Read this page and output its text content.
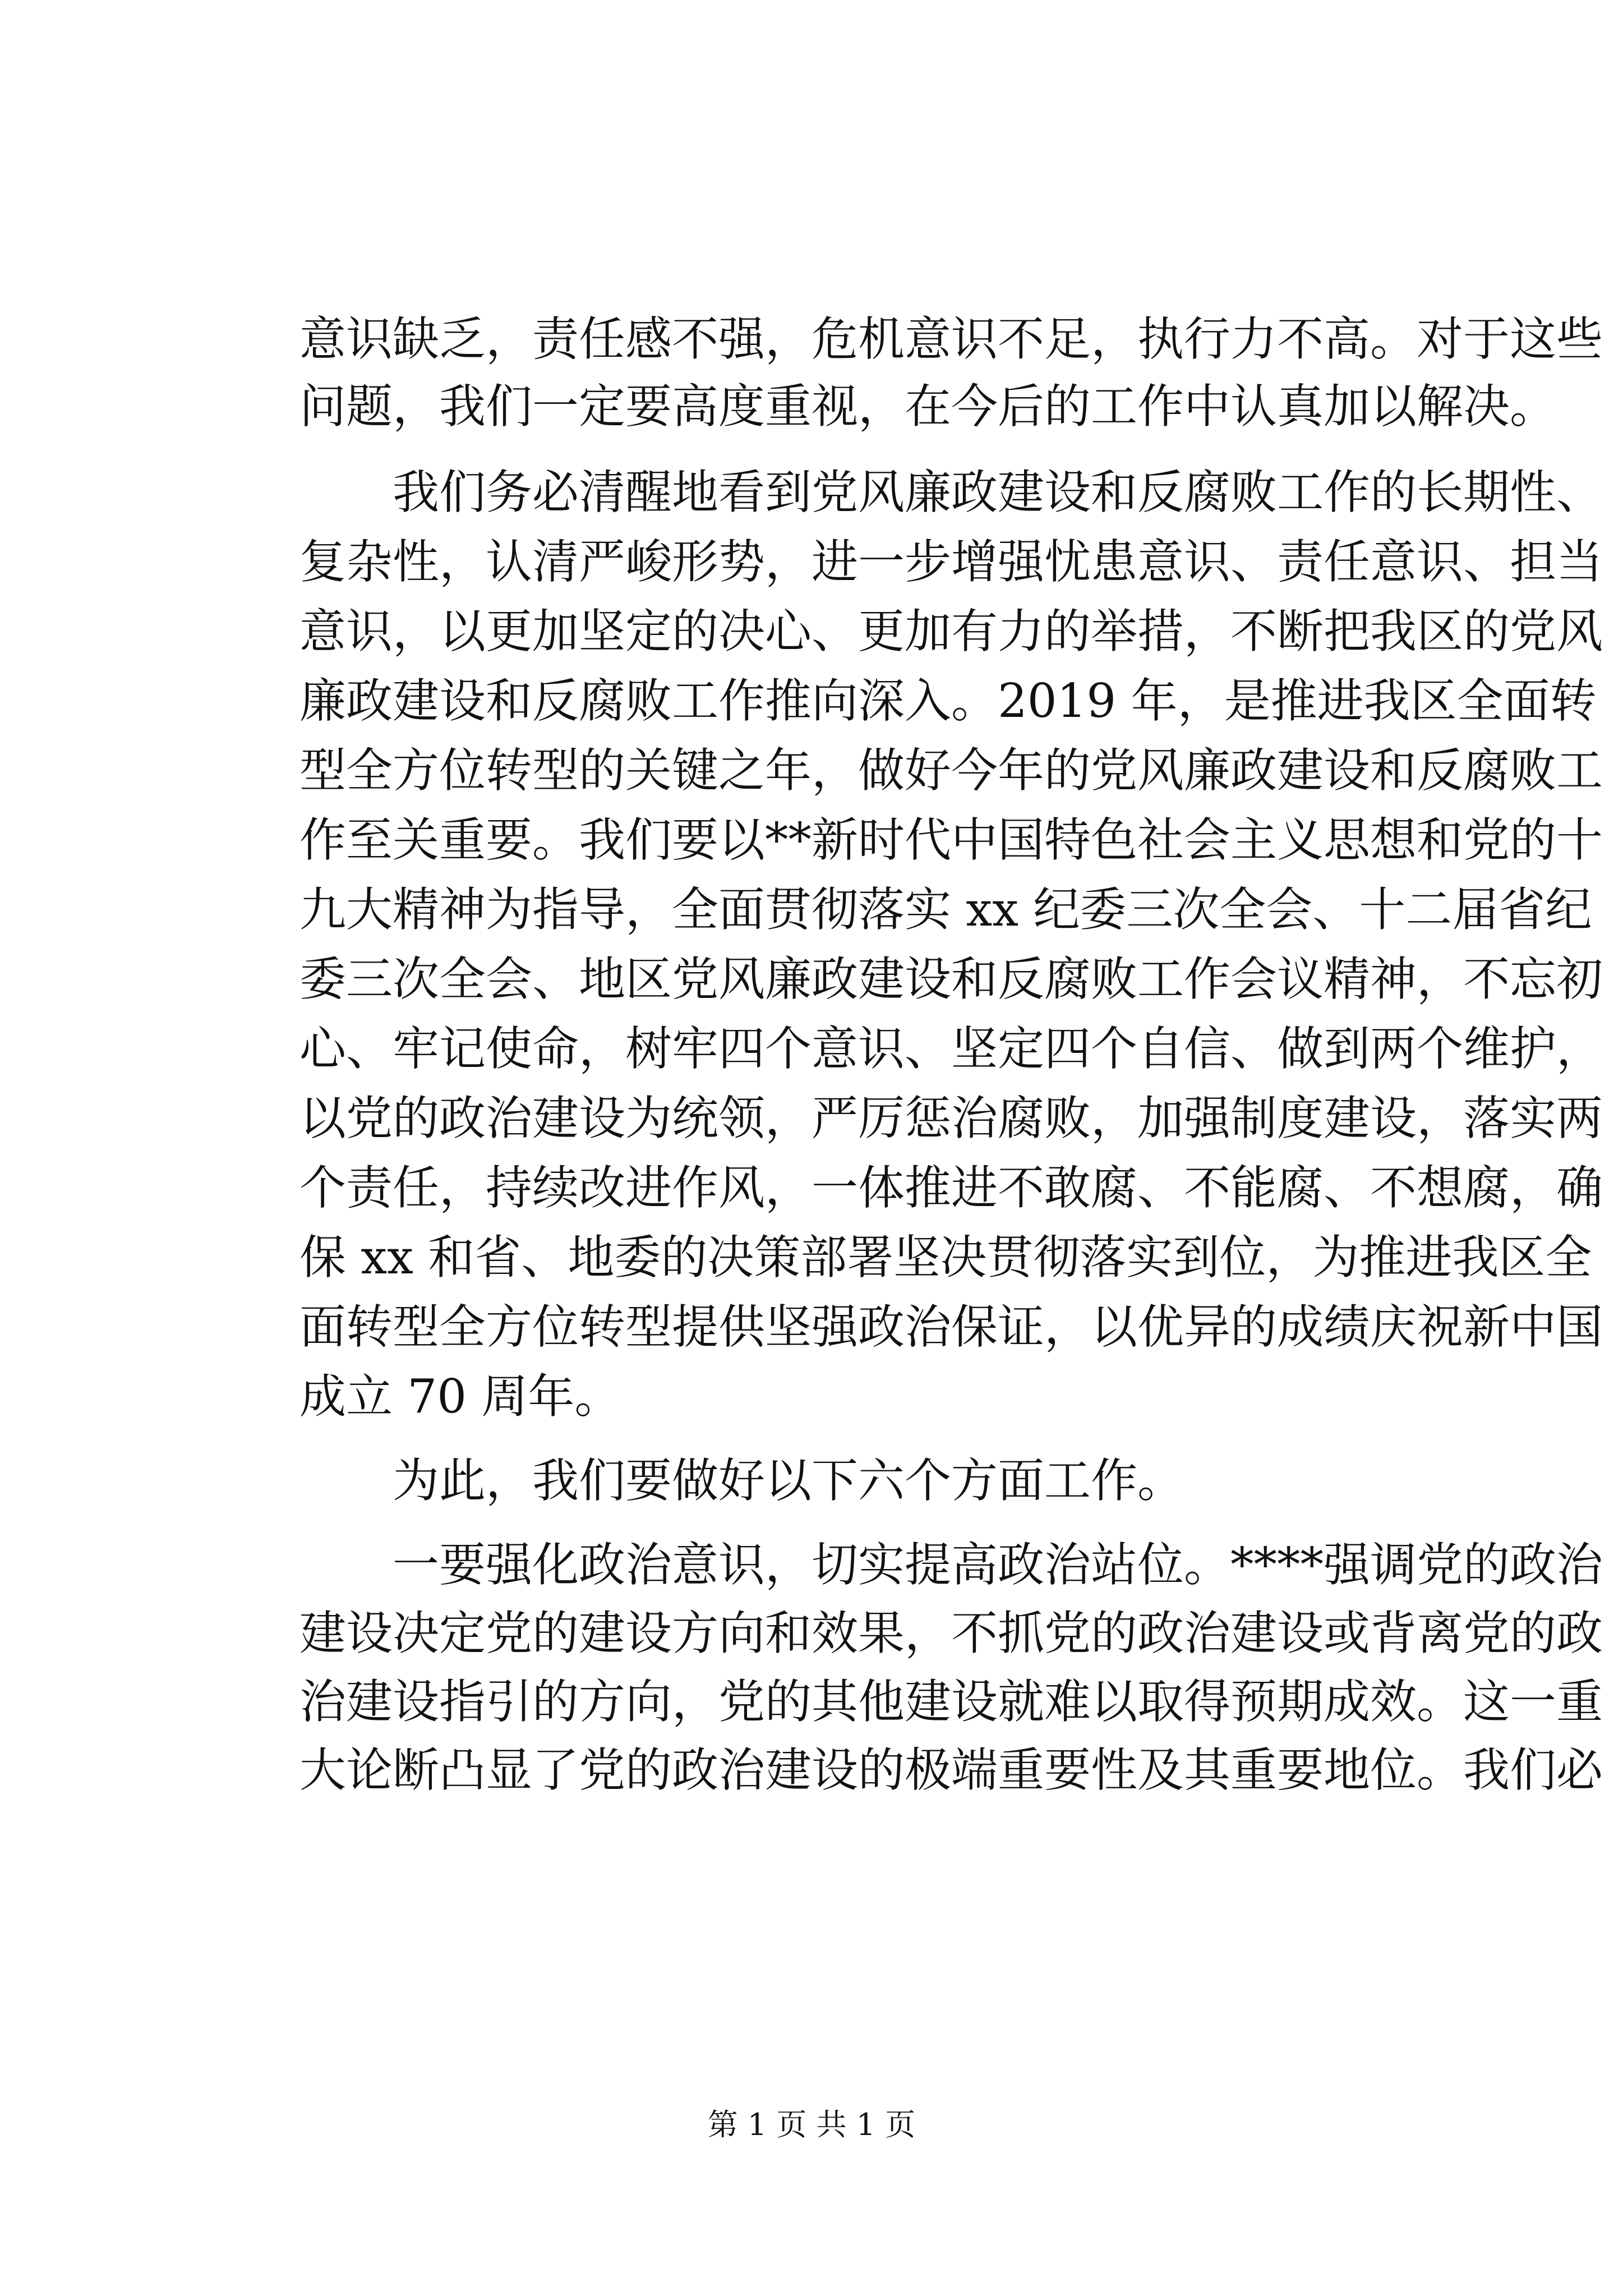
意识缺乏，责任感不强，危机意识不足，执行力不高。对于这些
问题，我们一定要高度重视，在今后的工作中认真加以解决。
　　我们务必清醒地看到党风廉政建设和反腐败工作的长期性、
复杂性，认清严峻形势，进一步增强忧患意识、责任意识、担当
意识，以更加坚定的决心、更加有力的举措，不断把我区的党风
廉政建设和反腐败工作推向深入。2019 年，是推进我区全面转
型全方位转型的关键之年，做好今年的党风廉政建设和反腐败工
作至关重要。我们要以**新时代中国特色社会主义思想和党的十
九大精神为指导，全面贯彻落实 xx 纪委三次全会、十二届省纪
委三次全会、地区党风廉政建设和反腐败工作会议精神，不忘初
心、牢记使命，树牢四个意识、坚定四个自信、做到两个维护，
以党的政治建设为统领，严厉惩治腐败，加强制度建设，落实两
个责任，持续改进作风，一体推进不敢腐、不能腐、不想腐，确
保 xx 和省、地委的决策部署坚决贯彻落实到位，为推进我区全
面转型全方位转型提供坚强政治保证，以优异的成绩庆祝新中国
成立 70 周年。
　　为此，我们要做好以下六个方面工作。
　　一要强化政治意识，切实提高政治站位。****强调党的政治
建设决定党的建设方向和效果，不抓党的政治建设或背离党的政
治建设指引的方向，党的其他建设就难以取得预期成效。这一重
大论断凸显了党的政治建设的极端重要性及其重要地位。我们必
第 1 页 共 1 页
